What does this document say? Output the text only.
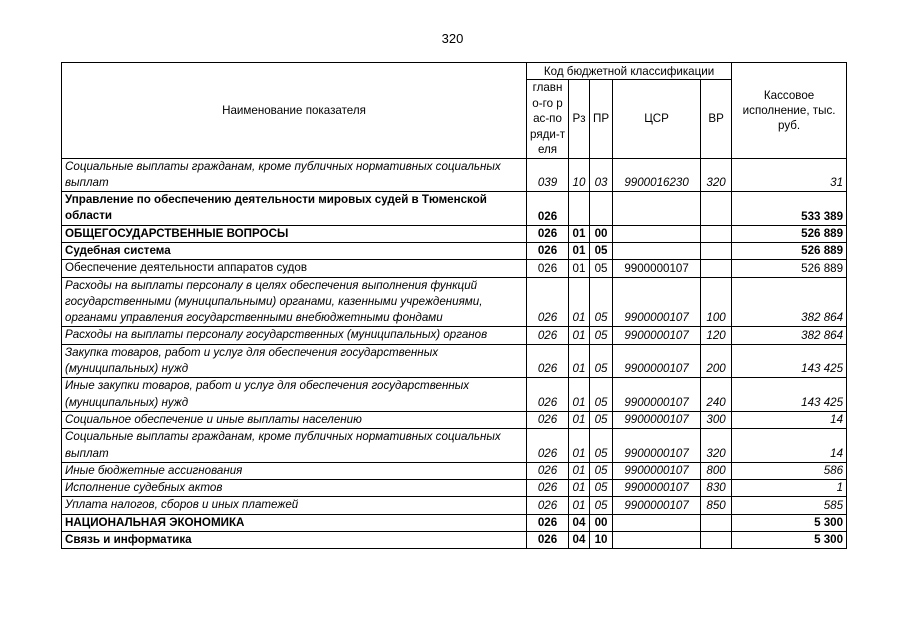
320
Наименование показателя	Код бюджетной классификации					Кассовое исполнение, тыс. руб.

	главно-го рас-поряди-теля	Рз	ПР	ЦСР	ВР	
Социальные выплаты гражданам, кроме публичных нормативных социальных выплат	039	10	03	9900016230	320	31
Управление по обеспечению деятельности мировых судей в Тюменской области	026					533 389
ОБЩЕГОСУДАРСТВЕННЫЕ ВОПРОСЫ	026	01	00			526 889
Судебная система	026	01	05			526 889
Обеспечение деятельности аппаратов судов	026	01	05	9900000107		526 889
Расходы на выплаты персоналу в целях обеспечения выполнения функций государственными (муниципальными) органами, казенными учреждениями, органами управления государственными внебюджетными фондами	026	01	05	9900000107	100	382 864
Расходы на выплаты персоналу государственных (муниципальных) органов	026	01	05	9900000107	120	382 864
Закупка товаров, работ и услуг для обеспечения государственных (муниципальных) нужд	026	01	05	9900000107	200	143 425
Иные закупки товаров, работ и услуг для обеспечения государственных (муниципальных) нужд	026	01	05	9900000107	240	143 425
Социальное обеспечение и иные выплаты населению	026	01	05	9900000107	300	14
Социальные выплаты гражданам, кроме публичных нормативных социальных выплат	026	01	05	9900000107	320	14
Иные бюджетные ассигнования	026	01	05	9900000107	800	586
Исполнение судебных актов	026	01	05	9900000107	830	1
Уплата налогов, сборов и иных платежей	026	01	05	9900000107	850	585
НАЦИОНАЛЬНАЯ ЭКОНОМИКА	026	04	00			5 300
Связь и информатика	026	04	10			5 300
